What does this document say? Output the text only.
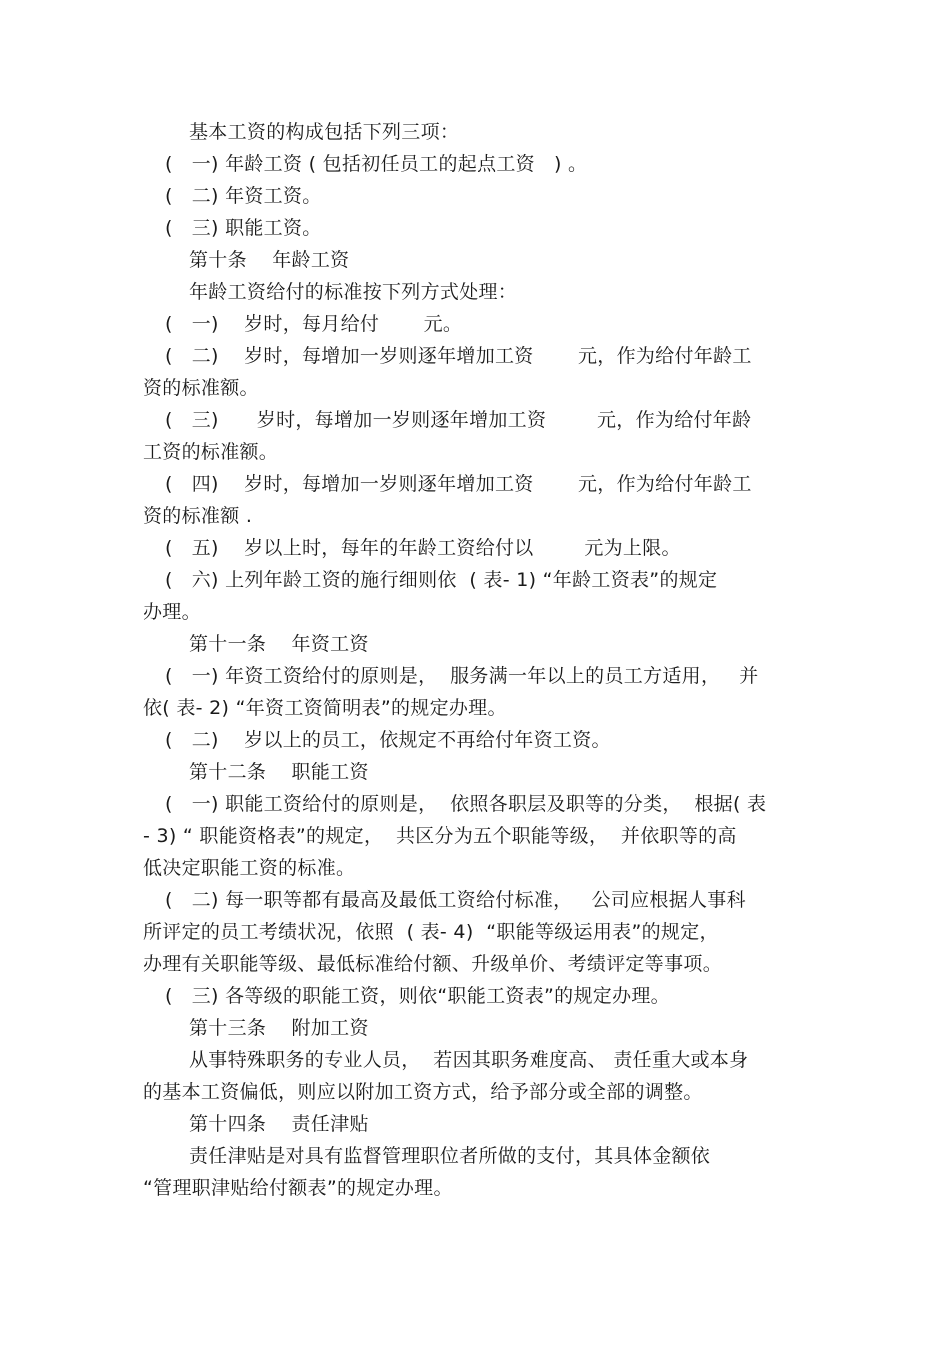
基本工资的构成包括下列三项：
(   一) 年龄工资 ( 包括初任员工的起点工资   ) 。
(   二) 年资工资。
(   三) 职能工资。
第十条    年龄工资
年龄工资给付的标准按下列方式处理：
(   一)    岁时，每月给付       元。
(   二)    岁时，每增加一岁则逐年增加工资       元，作为给付年龄工
资的标准额。
(   三)      岁时，每增加一岁则逐年增加工资        元，作为给付年龄
工资的标准额。
(   四)    岁时，每增加一岁则逐年增加工资       元，作为给付年龄工
资的标准额 .
(   五)    岁以上时，每年的年龄工资给付以        元为上限。
(   六) 上列年龄工资的施行细则依  ( 表- 1) “年龄工资表”的规定
办理。
第十一条    年资工资
(   一) 年资工资给付的原则是，  服务满一年以上的员工方适用，   并
依( 表- 2) “年资工资简明表”的规定办理。
(   二)    岁以上的员工，依规定不再给付年资工资。
第十二条    职能工资
(   一) 职能工资给付的原则是，  依照各职层及职等的分类，  根据( 表
- 3) “ 职能资格表”的规定，  共区分为五个职能等级，  并依职等的高
低决定职能工资的标准。
(   二) 每一职等都有最高及最低工资给付标准，   公司应根据人事科
所评定的员工考绩状况，依照  ( 表- 4)  “职能等级运用表”的规定，
办理有关职能等级、最低标准给付额、升级单价、考绩评定等事项。
(   三) 各等级的职能工资，则依“职能工资表”的规定办理。
第十三条    附加工资
从事特殊职务的专业人员，  若因其职务难度高、 责任重大或本身
的基本工资偏低，则应以附加工资方式，给予部分或全部的调整。
第十四条    责任津贴
责任津贴是对具有监督管理职位者所做的支付，其具体金额依
“管理职津贴给付额表”的规定办理。
